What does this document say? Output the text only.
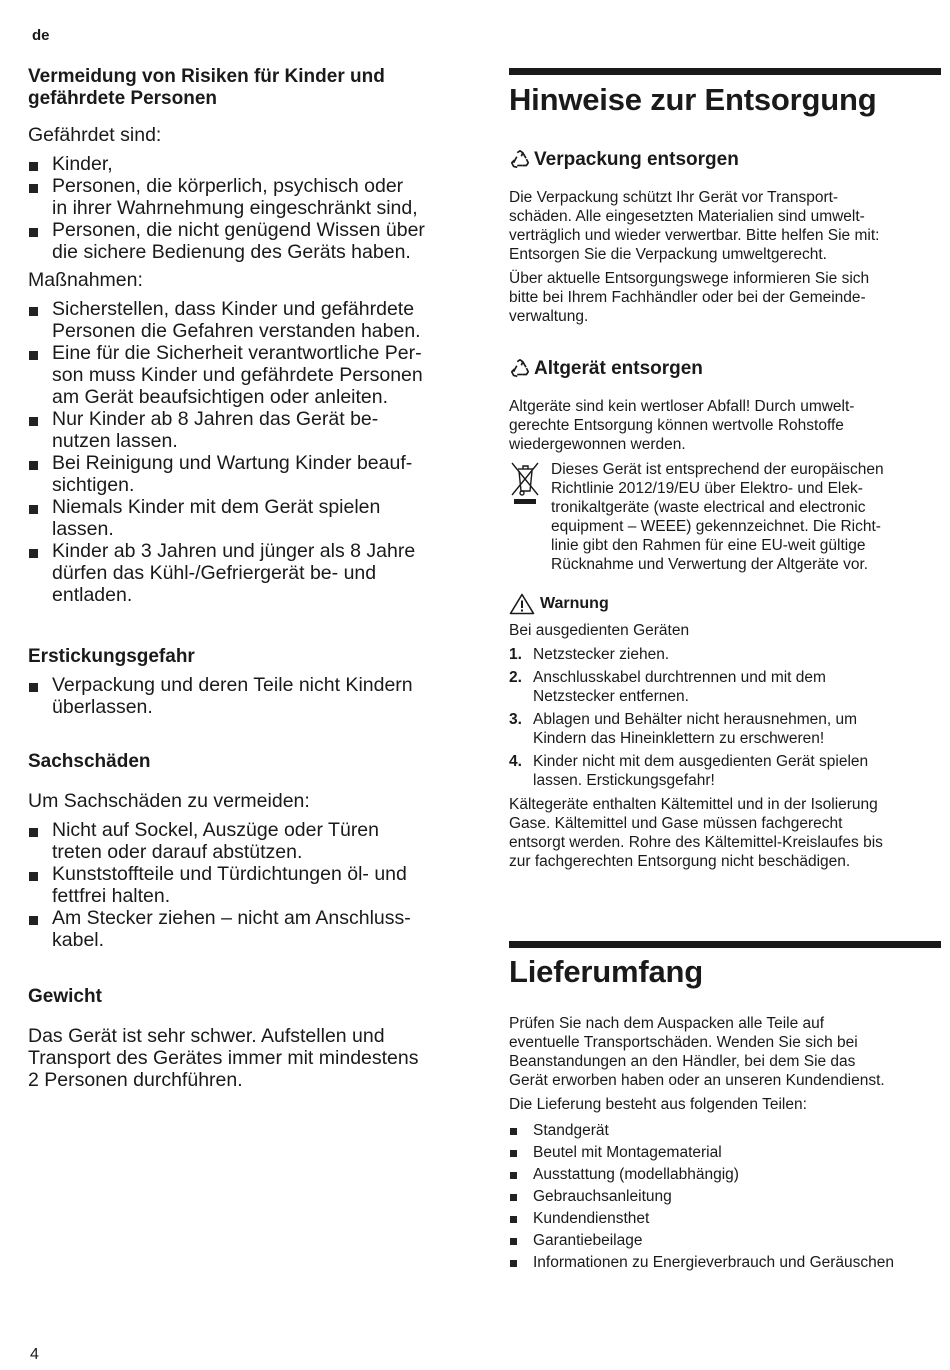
de
Vermeidung von Risiken für Kinder und
gefährdete Personen

Gefährdet sind:

Kinder,
Personen, die körperlich, psychisch oder
in ihrer Wahrnehmung eingeschränkt sind,
Personen, die nicht genügend Wissen über
die sichere Bedienung des Geräts haben.

Maßnahmen:

Sicherstellen, dass Kinder und gefährdete
Personen die Gefahren verstanden haben.
Eine für die Sicherheit verantwortliche Per-
son muss Kinder und gefährdete Personen
am Gerät beaufsichtigen oder anleiten.
Nur Kinder ab 8 Jahren das Gerät be-
nutzen lassen.
Bei Reinigung und Wartung Kinder beauf-
sichtigen.
Niemals Kinder mit dem Gerät spielen
lassen.
Kinder ab 3 Jahren und jünger als 8 Jahre
dürfen das Kühl-/Gefriergerät be- und
entladen.
Erstickungsgefahr
Verpackung und deren Teile nicht Kindern
überlassen.
Sachschäden

Um Sachschäden zu vermeiden:

Nicht auf Sockel, Auszüge oder Türen
treten oder darauf abstützen.
Kunststoffteile und Türdichtungen öl- und
fettfrei halten.
Am Stecker ziehen – nicht am Anschluss-
kabel.
Gewicht

Das Gerät ist sehr schwer. Aufstellen und
Transport des Gerätes immer mit mindestens
2 Personen durchführen.

Hinweise zur Entsorgung
Verpackung entsorgen

Die Verpackung schützt Ihr Gerät vor Transport-
schäden. Alle eingesetzten Materialien sind umwelt-
verträglich und wieder verwertbar. Bitte helfen Sie mit:
Entsorgen Sie die Verpackung umweltgerecht.

Über aktuelle Entsorgungswege informieren Sie sich
bitte bei Ihrem Fachhändler oder bei der Gemeinde-
verwaltung.

Altgerät entsorgen

Altgeräte sind kein wertloser Abfall! Durch umwelt-
gerechte Entsorgung können wertvolle Rohstoffe
wiedergewonnen werden.

Dieses Gerät ist entsprechend der europäischen
Richtlinie 2012/19/EU über Elektro- und Elek-
tronikaltgeräte (waste electrical and electronic
equipment – WEEE) gekennzeichnet. Die Richt-
linie gibt den Rahmen für eine EU-weit gültige
Rücknahme und Verwertung der Altgeräte vor.

Warnung

Bei ausgedienten Geräten

1. Netzstecker ziehen.
2. Anschlusskabel durchtrennen und mit dem
Netzstecker entfernen.
3. Ablagen und Behälter nicht herausnehmen, um
Kindern das Hineinklettern zu erschweren!
4. Kinder nicht mit dem ausgedienten Gerät spielen
lassen. Erstickungsgefahr!

Kältegeräte enthalten Kältemittel und in der Isolierung
Gase. Kältemittel und Gase müssen fachgerecht
entsorgt werden. Rohre des Kältemittel-Kreislaufes bis
zur fachgerechten Entsorgung nicht beschädigen.

Lieferumfang

Prüfen Sie nach dem Auspacken alle Teile auf
eventuelle Transportschäden. Wenden Sie sich bei
Beanstandungen an den Händler, bei dem Sie das
Gerät erworben haben oder an unseren Kundendienst.

Die Lieferung besteht aus folgenden Teilen:

Standgerät
Beutel mit Montagematerial
Ausstattung (modellabhängig)
Gebrauchsanleitung
Kundendiensthet
Garantiebeilage
Informationen zu Energieverbrauch und Geräuschen
4
